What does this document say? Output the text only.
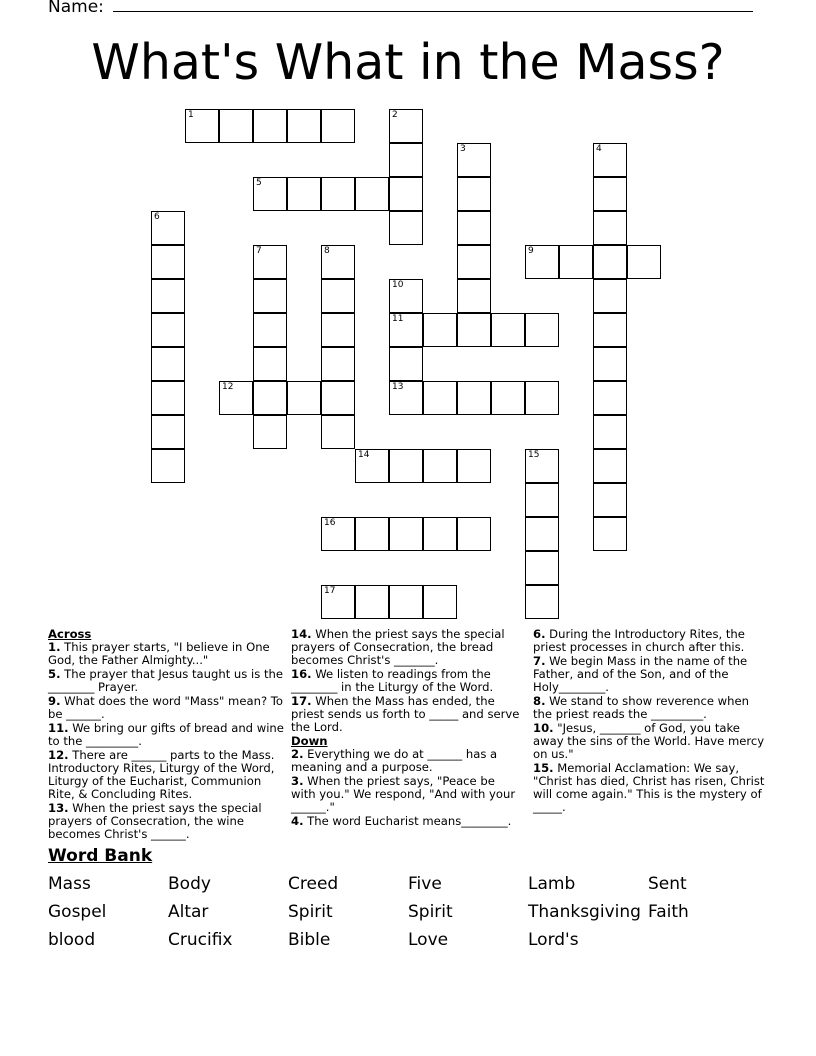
Name:
What's What in the Mass?
1	2
3	4
5
6
7	8	9
10
11
12	13
14	15
16
17
Across

1. This prayer starts, "I believe in One God, the Father Almighty..."

5. The prayer that Jesus taught us is the ________ Prayer.

9. What does the word "Mass" mean? To be ______.

11. We bring our gifts of bread and wine to the _________.

12. There are ______ parts to the Mass. Introductory Rites, Liturgy of the Word, Liturgy of the Eucharist, Communion Rite, & Concluding Rites.

13. When the priest says the special prayers of Consecration, the wine becomes Christ's ______.

14. When the priest says the special prayers of Consecration, the bread becomes Christ's _______.

16. We listen to readings from the ________ in the Liturgy of the Word.

17. When the Mass has ended, the priest sends us forth to _____ and serve the Lord.

Down

2. Everything we do at ______ has a meaning and a purpose.

3. When the priest says, "Peace be with you." We respond, "And with your ______."

4. The word Eucharist means________.

6. During the Introductory Rites, the priest processes in church after this.

7. We begin Mass in the name of the Father, and of the Son, and of the Holy________.

8. We stand to show reverence when the priest reads the _________.

10. "Jesus, _______ of God, you take away the sins of the World. Have mercy on us."

15. Memorial Acclamation: We say, "Christ has died, Christ has risen, Christ will come again." This is the mystery of _____.

Word Bank
Mass	Body	Creed	Five	Lamb	Sent
Gospel	Altar	Spirit	Spirit	Thanksgiving Faith
blood	Crucifix	Bible	Love	Lord's
